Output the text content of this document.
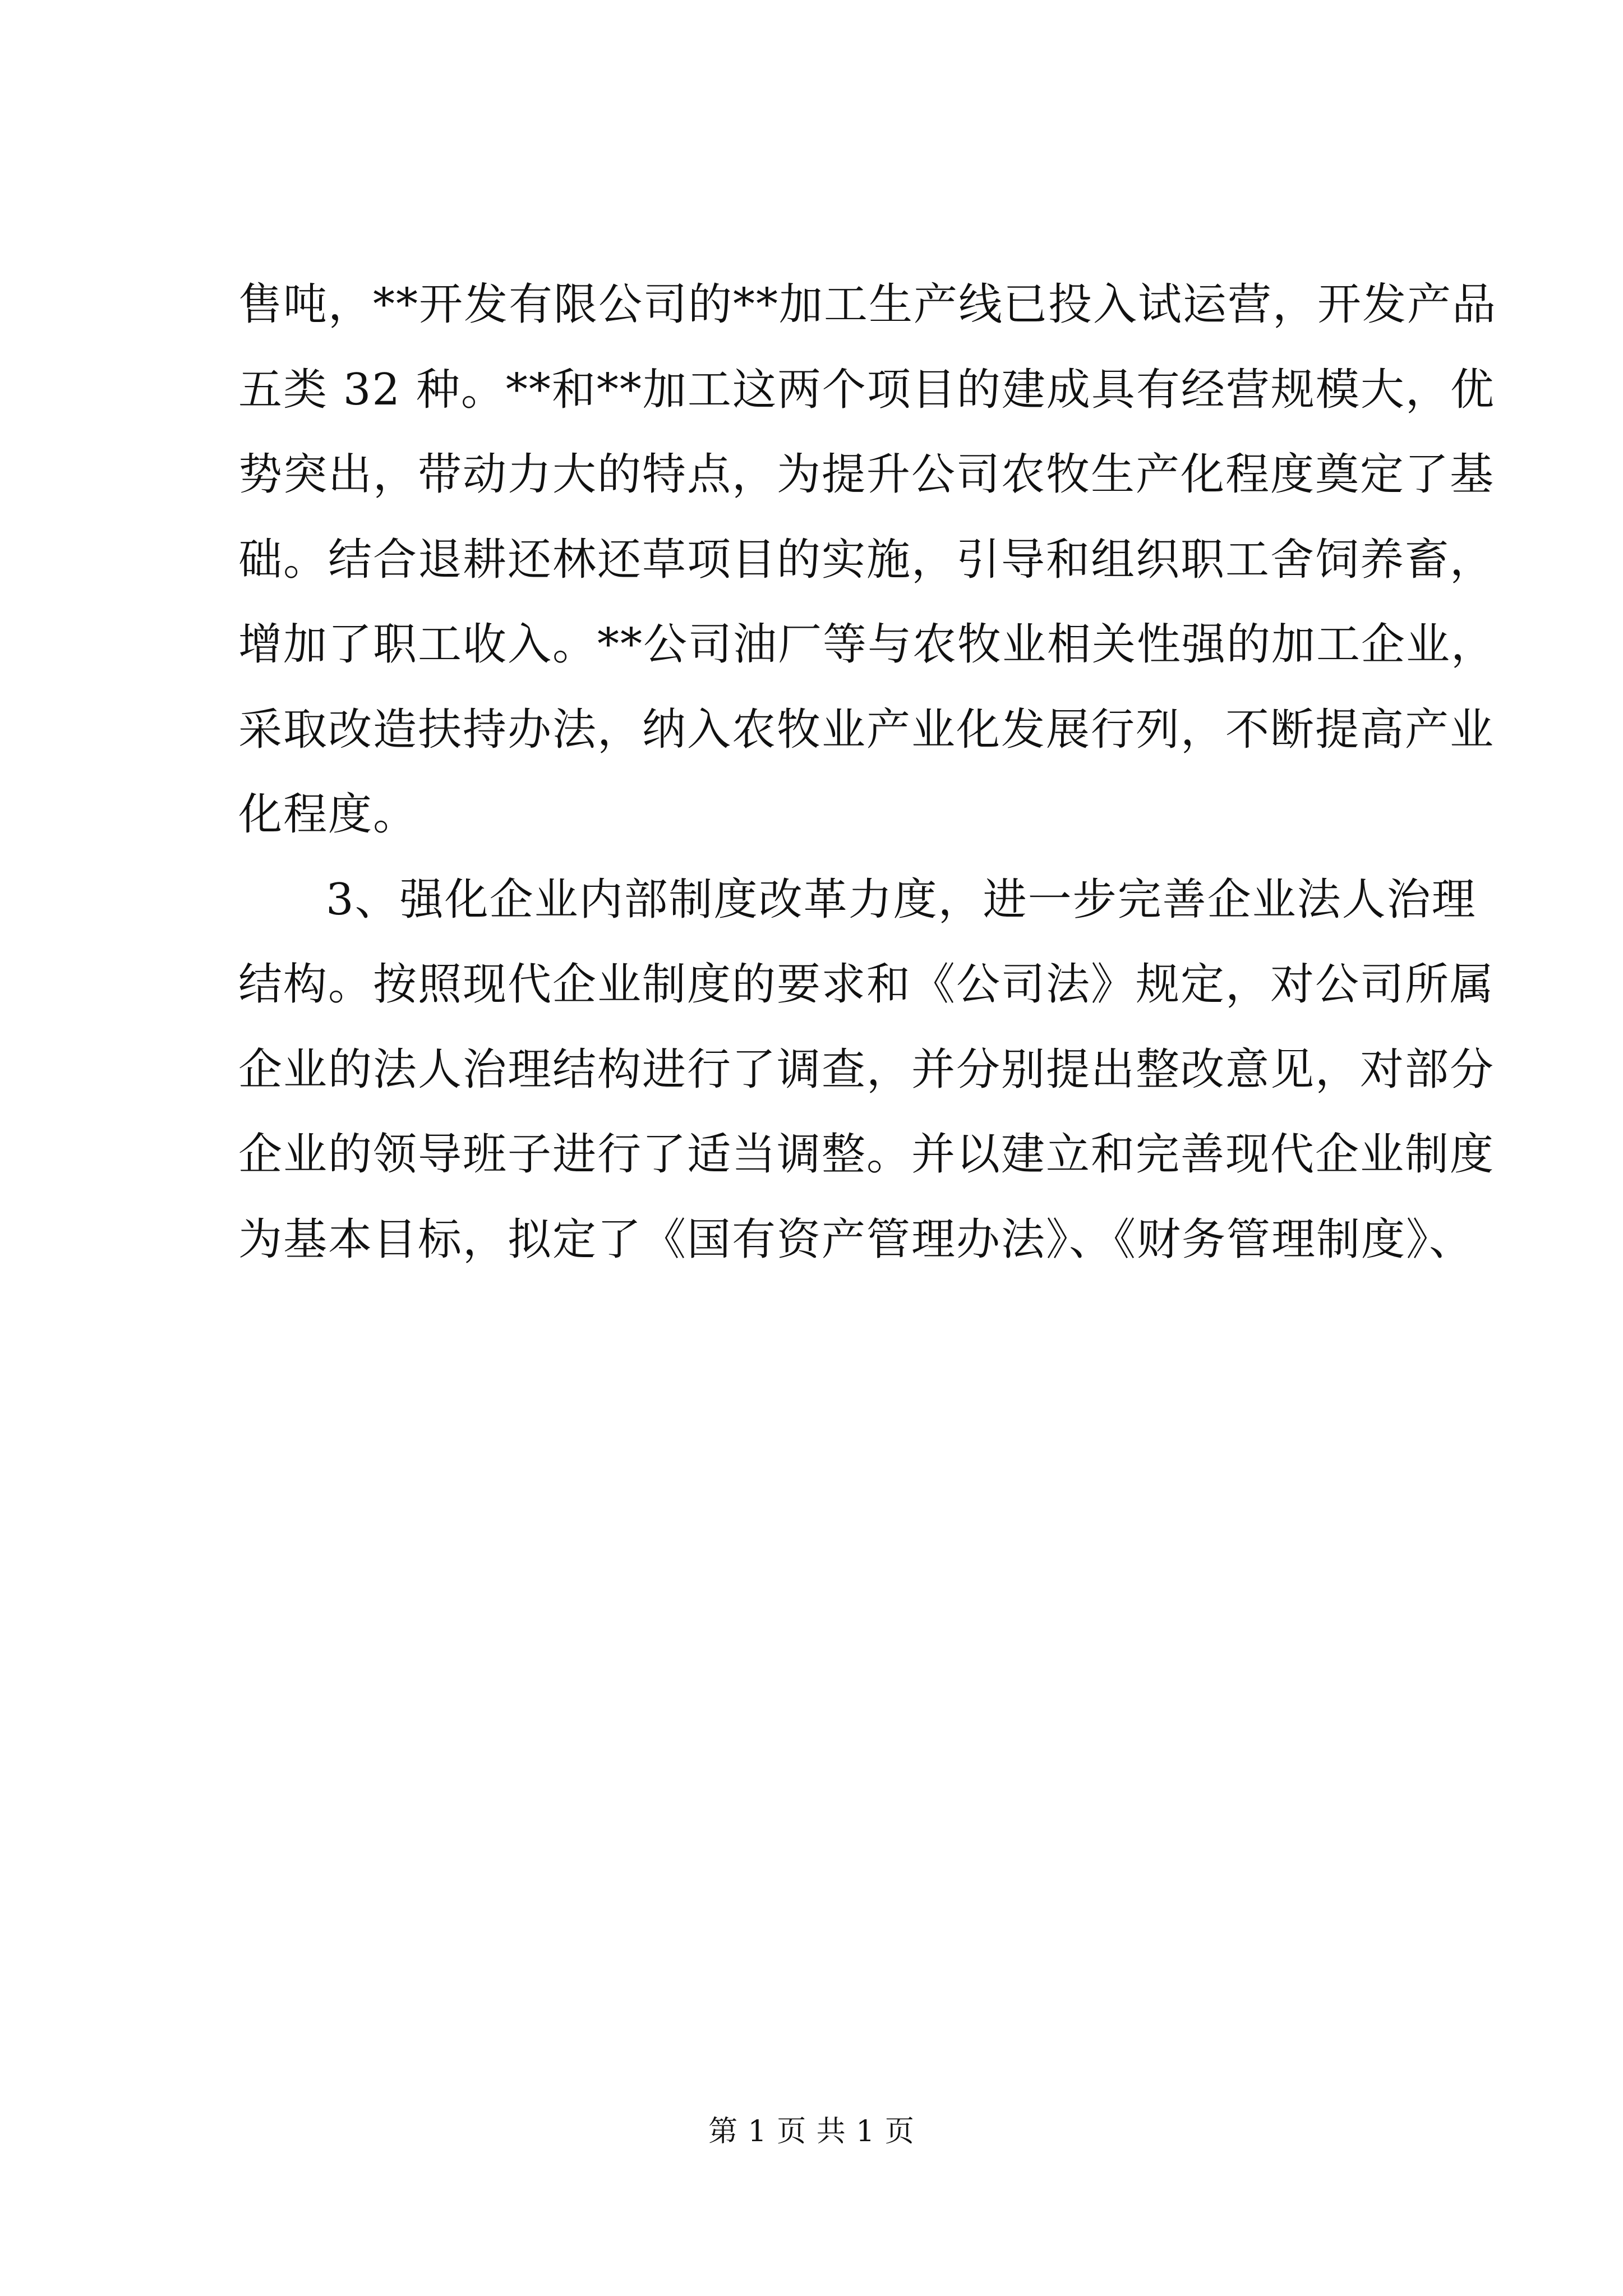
售吨，**开发有限公司的**加工生产线已投入试运营，开发产品
五类 32 种。**和**加工这两个项目的建成具有经营规模大，优
势突出，带动力大的特点，为提升公司农牧生产化程度奠定了基
础。结合退耕还林还草项目的实施，引导和组织职工舍饲养畜，
增加了职工收入。**公司油厂等与农牧业相关性强的加工企业，
采取改造扶持办法，纳入农牧业产业化发展行列，不断提高产业
化程度。
3、强化企业内部制度改革力度，进一步完善企业法人治理
结构。按照现代企业制度的要求和《公司法》规定，对公司所属
企业的法人治理结构进行了调查，并分别提出整改意见，对部分
企业的领导班子进行了适当调整。并以建立和完善现代企业制度
为基本目标，拟定了《国有资产管理办法》、《财务管理制度》、
第 1 页 共 1 页
